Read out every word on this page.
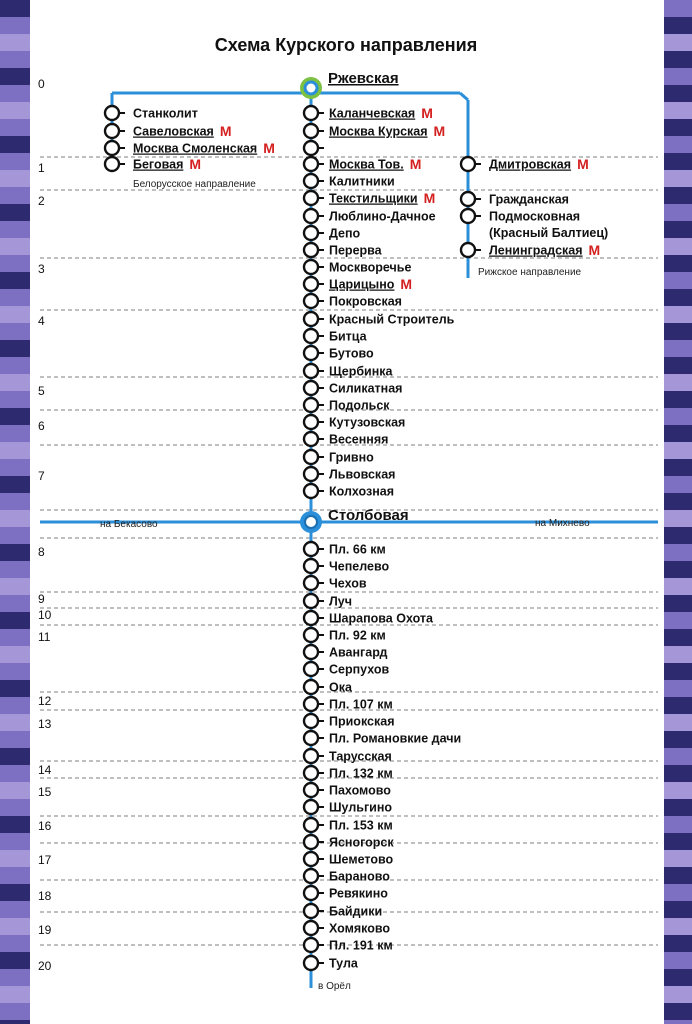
Схема Курского направления
0
1
2
3
4
5
6
7
8
9
10
11
12
13
14
15
16
17
18
19
20
Каланчевская М
Москва Курская М
Москва Тов. М
Калитники
Текстильщики М
Люблино-Дачное
Депо
Перерва
Москворечье
Царицыно М
Покровская
Красный Строитель
Битца
Бутово
Щербинка
Силикатная
Подольск
Кутузовская
Весенняя
Гривно
Львовская
Колхозная
Пл. 66 км
Чепелево
Чехов
Луч
Шарапова Охота
Пл. 92 км
Авангард
Серпухов
Ока
Пл. 107 км
Приокская
Пл. Романовкие дачи
Тарусская
Пл. 132 км
Пахомово
Шульгино
Пл. 153 км
Ясногорск
Шеметово
Бараново
Ревякино
Байдики
Хомяково
Пл. 191 км
Тула
Станколит
Савеловская М
Москва Смоленская М
Беговая М	Дмитровская М
Гражданская
Подмосковная
(Красный Балтиец)
Ленинградская М
Ржевская
Столбовая
Белорусское направление
Рижское направление
на Бекасово	на Михнево
в Орёл
